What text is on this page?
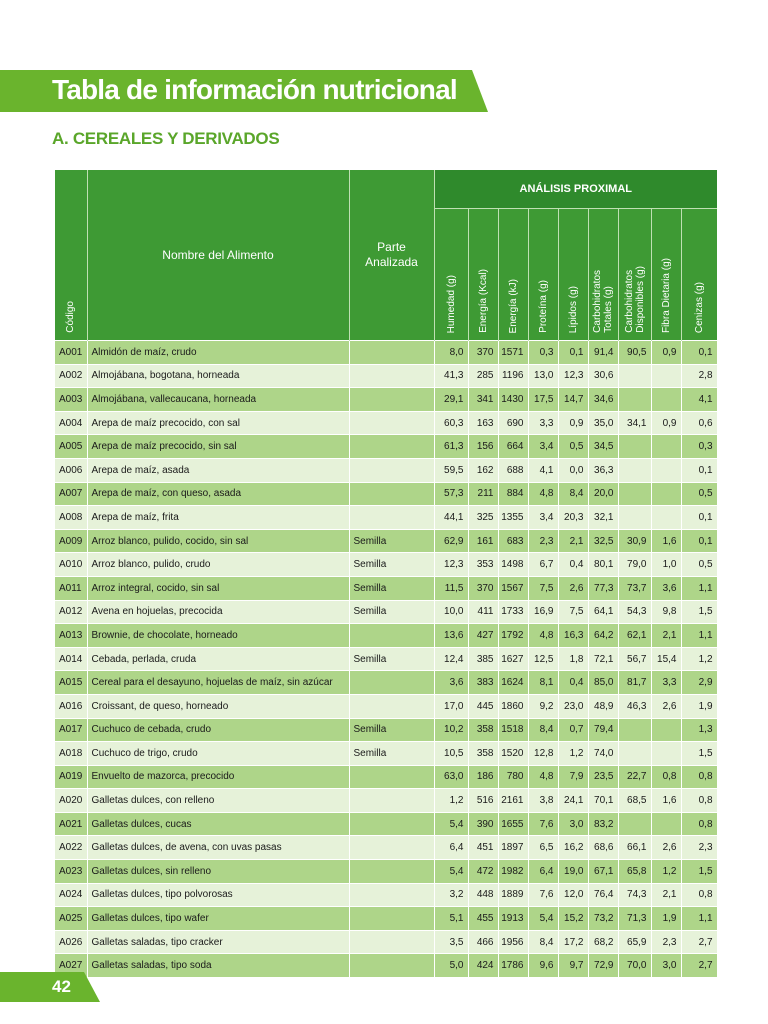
Tabla de información nutricional
A. CEREALES Y DERIVADOS
Código	Nombre del Alimento	Parte
Analizada	ANÁLISIS PROXIMAL								
			Humedad (g)	Energía (Kcal)	Energía (kJ)	Proteína (g)	Lípidos (g)	Carbohidratos
Totales (g)	Carbohidratos
Disponibles (g)	Fibra Dietaria (g)	Cenizas (g)
A001	Almidón de maíz, crudo		8,0	370	1571	0,3	0,1	91,4	90,5	0,9	0,1
A002	Almojábana, bogotana, horneada		41,3	285	1196	13,0	12,3	30,6			2,8
A003	Almojábana, vallecaucana, horneada		29,1	341	1430	17,5	14,7	34,6			4,1
A004	Arepa de maíz precocido, con sal		60,3	163	690	3,3	0,9	35,0	34,1	0,9	0,6
A005	Arepa de maíz precocido, sin sal		61,3	156	664	3,4	0,5	34,5			0,3
A006	Arepa de maíz, asada		59,5	162	688	4,1	0,0	36,3			0,1
A007	Arepa de maíz, con queso, asada		57,3	211	884	4,8	8,4	20,0			0,5
A008	Arepa de maíz, frita		44,1	325	1355	3,4	20,3	32,1			0,1
A009	Arroz blanco, pulido, cocido, sin sal	Semilla	62,9	161	683	2,3	2,1	32,5	30,9	1,6	0,1
A010	Arroz blanco, pulido, crudo	Semilla	12,3	353	1498	6,7	0,4	80,1	79,0	1,0	0,5
A011	Arroz integral, cocido, sin sal	Semilla	11,5	370	1567	7,5	2,6	77,3	73,7	3,6	1,1
A012	Avena en hojuelas, precocida	Semilla	10,0	411	1733	16,9	7,5	64,1	54,3	9,8	1,5
A013	Brownie, de chocolate, horneado		13,6	427	1792	4,8	16,3	64,2	62,1	2,1	1,1
A014	Cebada, perlada, cruda	Semilla	12,4	385	1627	12,5	1,8	72,1	56,7	15,4	1,2
A015	Cereal para el desayuno, hojuelas de maíz, sin azúcar		3,6	383	1624	8,1	0,4	85,0	81,7	3,3	2,9
A016	Croissant, de queso, horneado		17,0	445	1860	9,2	23,0	48,9	46,3	2,6	1,9
A017	Cuchuco de cebada, crudo	Semilla	10,2	358	1518	8,4	0,7	79,4			1,3
A018	Cuchuco de trigo, crudo	Semilla	10,5	358	1520	12,8	1,2	74,0			1,5
A019	Envuelto de mazorca, precocido		63,0	186	780	4,8	7,9	23,5	22,7	0,8	0,8
A020	Galletas dulces, con relleno		1,2	516	2161	3,8	24,1	70,1	68,5	1,6	0,8
A021	Galletas dulces, cucas		5,4	390	1655	7,6	3,0	83,2			0,8
A022	Galletas dulces, de avena, con uvas pasas		6,4	451	1897	6,5	16,2	68,6	66,1	2,6	2,3
A023	Galletas dulces, sin relleno		5,4	472	1982	6,4	19,0	67,1	65,8	1,2	1,5
A024	Galletas dulces, tipo polvorosas		3,2	448	1889	7,6	12,0	76,4	74,3	2,1	0,8
A025	Galletas dulces, tipo wafer		5,1	455	1913	5,4	15,2	73,2	71,3	1,9	1,1
A026	Galletas saladas, tipo cracker		3,5	466	1956	8,4	17,2	68,2	65,9	2,3	2,7
A027	Galletas saladas, tipo soda		5,0	424	1786	9,6	9,7	72,9	70,0	3,0	2,7
42
